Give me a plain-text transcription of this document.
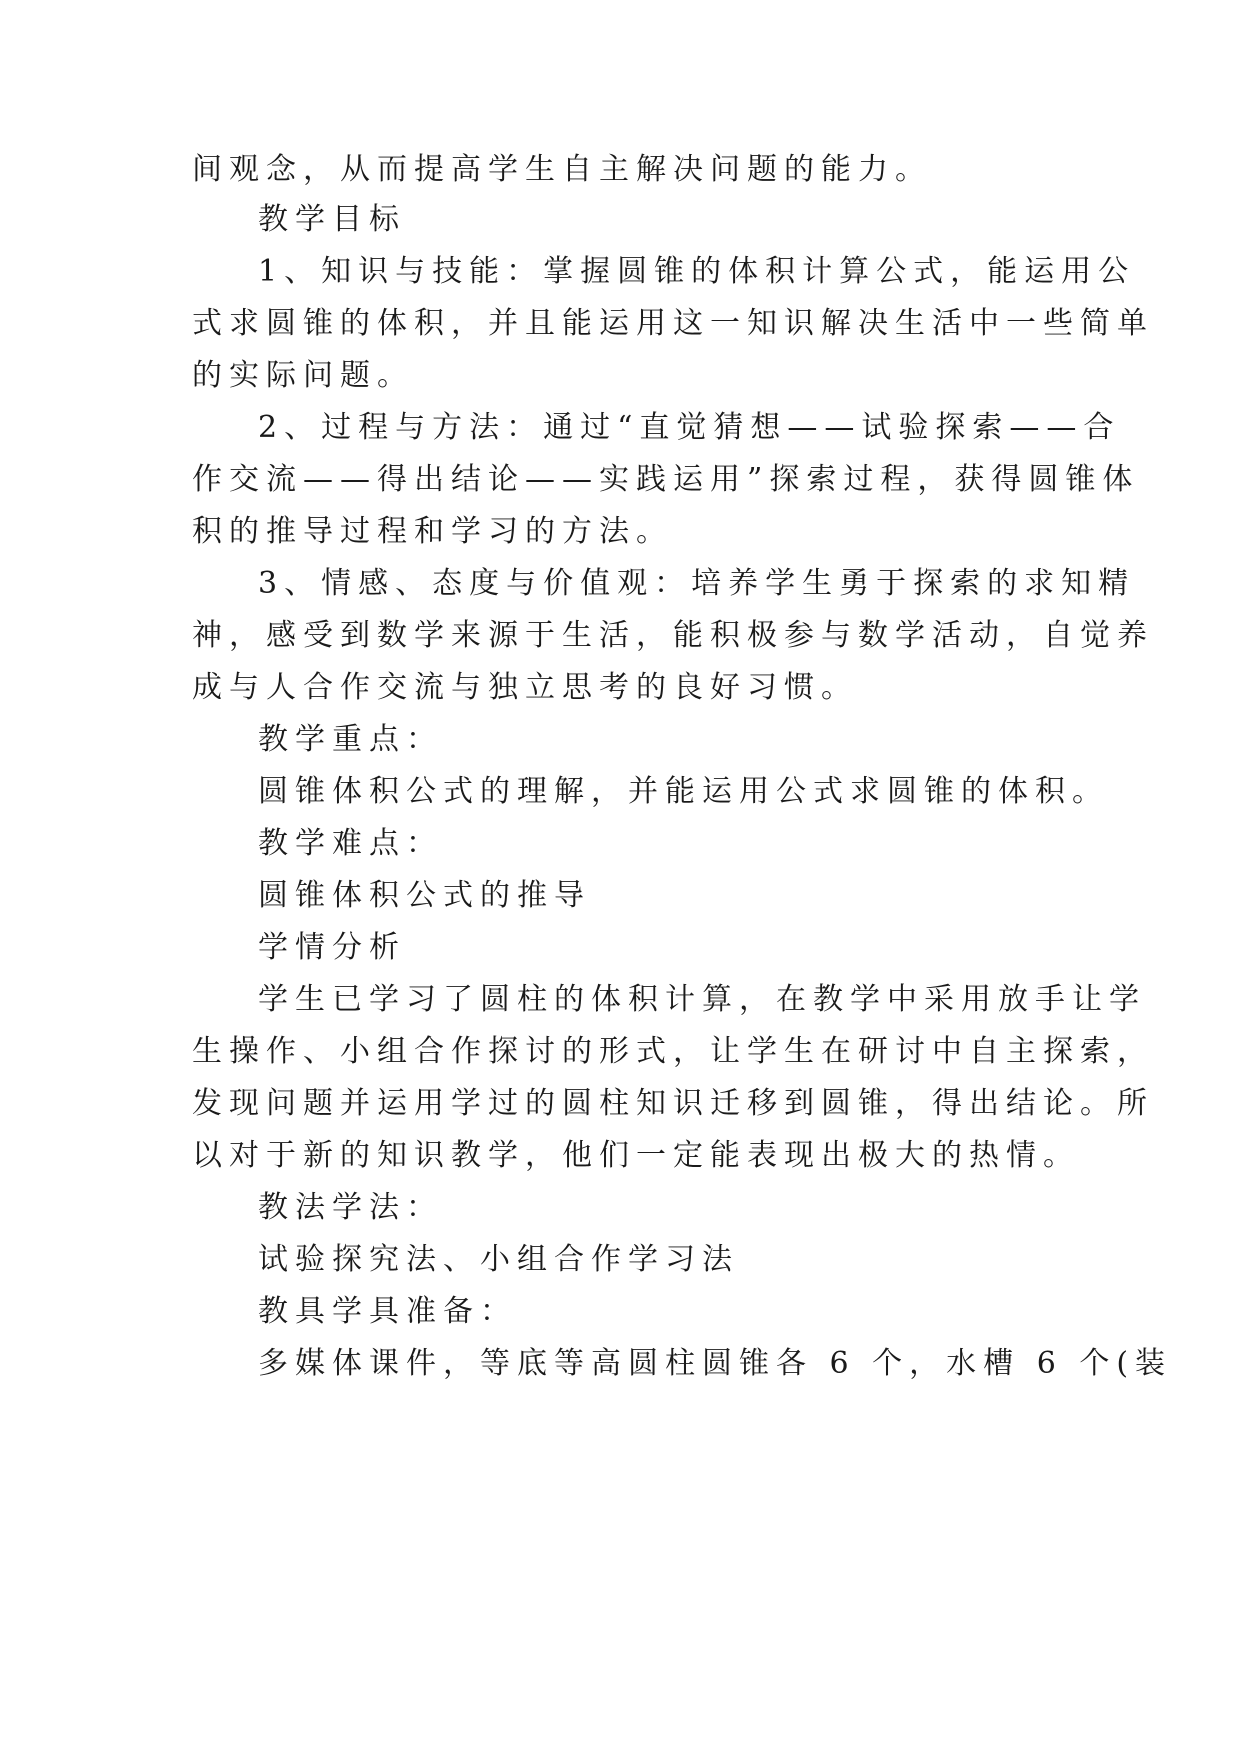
间观念，从而提高学生自主解决问题的能力。
教学目标
1、知识与技能：掌握圆锥的体积计算公式，能运用公
式求圆锥的体积，并且能运用这一知识解决生活中一些简单
的实际问题。
2、过程与方法：通过“直觉猜想——试验探索——合
作交流——得出结论——实践运用”探索过程，获得圆锥体
积的推导过程和学习的方法。
3、情感、态度与价值观：培养学生勇于探索的求知精
神，感受到数学来源于生活，能积极参与数学活动，自觉养
成与人合作交流与独立思考的良好习惯。
教学重点：
圆锥体积公式的理解，并能运用公式求圆锥的体积。
教学难点：
圆锥体积公式的推导
学情分析
学生已学习了圆柱的体积计算，在教学中采用放手让学
生操作、小组合作探讨的形式，让学生在研讨中自主探索，
发现问题并运用学过的圆柱知识迁移到圆锥，得出结论。所
以对于新的知识教学，他们一定能表现出极大的热情。
教法学法：
试验探究法、小组合作学习法
教具学具准备：
多媒体课件，等底等高圆柱圆锥各 6 个，水槽 6 个(装
